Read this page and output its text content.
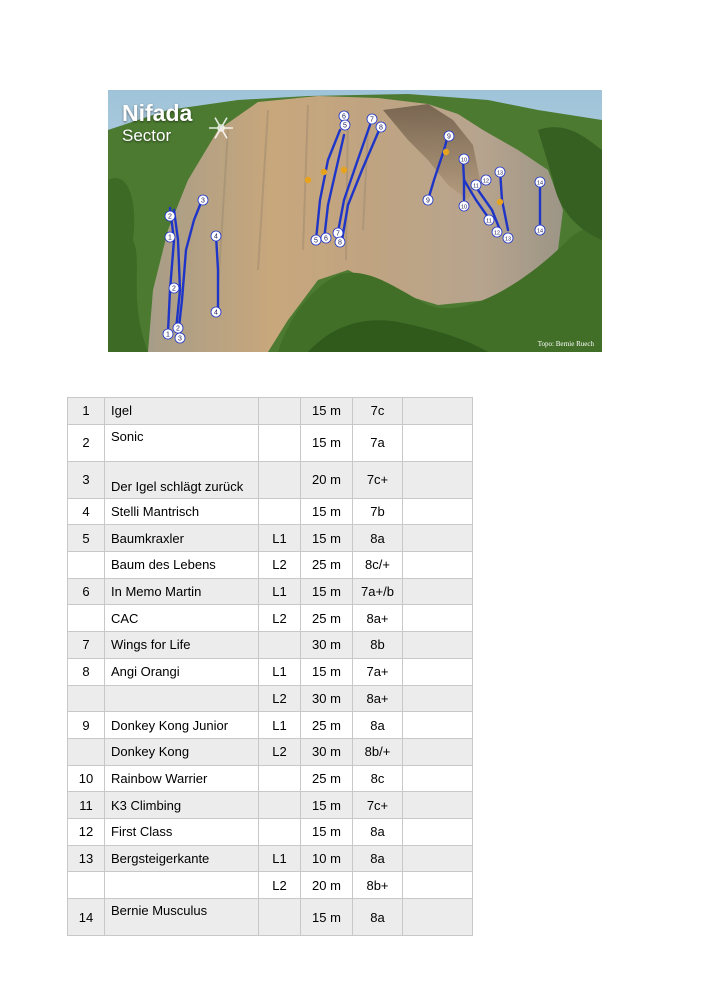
2
1
3
4
4
1
2
3
2
6
5
7
8
5 6
7
8
9
9
10
10
11
12
13
11
12
13
14
14
Nifada
Sector
Topo: Bernie Ruech
1	Igel		15 m	7c	
2	Sonic		15 m	7a	
3	Der Igel schlägt zurück		20 m	7c+	
4	Stelli Mantrisch		15 m	7b	
5	Baumkraxler	L1	15 m	8a	
	Baum des Lebens	L2	25 m	8c/+	
6	In Memo Martin	L1	15 m	7a+/b	
	CAC	L2	25 m	8a+	
7	Wings for Life		30 m	8b	
8	Angi Orangi	L1	15 m	7a+	
		L2	30 m	8a+	
9	Donkey Kong Junior	L1	25 m	8a	
	Donkey Kong	L2	30 m	8b/+	
10	Rainbow Warrier		25 m	8c	
11	K3 Climbing		15 m	7c+	
12	First Class		15 m	8a	
13	Bergsteigerkante	L1	10 m	8a	
		L2	20 m	8b+	
14	Bernie Musculus		15 m	8a	
